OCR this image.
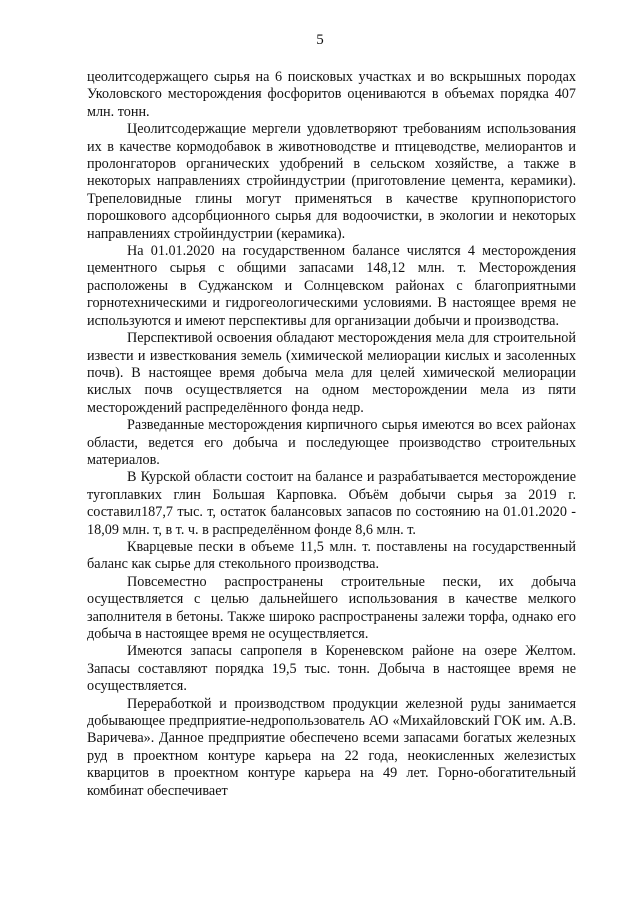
5

цеолитсодержащего сырья на 6 поисковых участках и во вскрышных породах Уколовского месторождения фосфоритов оцениваются в объемах порядка 407 млн. тонн.

Цеолитсодержащие мергели удовлетворяют требованиям использования их в качестве кормодобавок в животноводстве и птицеводстве, мелиорантов и пролонгаторов органических удобрений в сельском хозяйстве, а также в некоторых направлениях стройиндустрии (приготовление цемента, керамики). Трепеловидные глины могут применяться в качестве крупнопористого порошкового адсорбционного сырья для водоочистки, в экологии и некоторых направлениях стройиндустрии (керамика).

На 01.01.2020 на государственном балансе числятся 4 месторождения цементного сырья с общими запасами 148,12 млн. т. Месторождения расположены в Суджанском и Солнцевском районах с благоприятными горнотехническими и гидрогеологическими условиями. В настоящее время не используются и имеют перспективы для организации добычи и производства.

Перспективой освоения обладают месторождения мела для строительной извести и известкования земель (химической мелиорации кислых и засоленных почв). В настоящее время добыча мела для целей химической мелиорации кислых почв осуществляется на одном месторождении мела из пяти месторождений распределённого фонда недр.

Разведанные месторождения кирпичного сырья имеются во всех районах области, ведется его добыча и последующее производство строительных материалов.

В Курской области состоит на балансе и разрабатывается месторождение тугоплавких глин Большая Карповка. Объём добычи сырья за 2019 г. составил187,7 тыс. т, остаток балансовых запасов по состоянию на 01.01.2020 - 18,09 млн. т, в т. ч. в распределённом фонде 8,6 млн. т.

Кварцевые пески в объеме 11,5 млн. т. поставлены на государственный баланс как сырье для стекольного производства.

Повсеместно распространены строительные пески, их добыча осуществляется с целью дальнейшего использования в качестве мелкого заполнителя в бетоны. Также широко распространены залежи торфа, однако его добыча в настоящее время не осуществляется.

Имеются запасы сапропеля в Кореневском районе на озере Желтом. Запасы составляют порядка 19,5 тыс. тонн. Добыча в настоящее время не осуществляется.

Переработкой и производством продукции железной руды занимается добывающее предприятие-недропользователь АО «Михайловский ГОК им. А.В. Варичева». Данное предприятие обеспечено всеми запасами богатых железных руд в проектном контуре карьера на 22 года, неокисленных железистых кварцитов в проектном контуре карьера на 49 лет. Горно-обогатительный комбинат обеспечивает
